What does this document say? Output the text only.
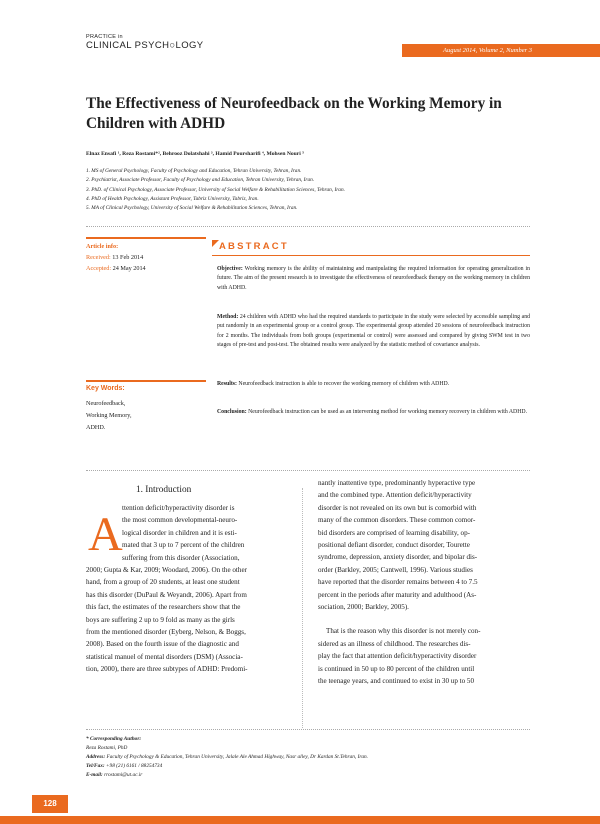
PRACTICE in
CLINICAL PSYCH○LOGY	August 2014, Volume 2, Number 3
The Effectiveness of Neurofeedback on the Working Memory in Children with ADHD
Elnaz Ensafi ¹, Reza Rostami*², Behrooz Dolatshahi ³, Hamid Poursharifi ⁴, Mohsen Nouri ⁵
1. MS of General Psychology, Faculty of Psychology and Education, Tehran University, Tehran, Iran.
2. Psychiatrist, Associate Professor, Faculty of Psychology and Education, Tehran University, Tehran, Iran.
3. PhD. of Clinical Psychology, Associate Professor, University of Social Welfare & Rehabilitation Sciences, Tehran, Iran.
4. PhD of Health Psychology, Assistant Professor, Tabriz University, Tabriz, Iran.
5. MA of Clinical Psychology, University of Social Welfare & Rehabilitation Sciences, Tehran, Iran.
Article info:
Received: 13 Feb 2014
Accepted: 24 May 2014
ABSTRACT
Objective: Working memory is the ability of maintaining and manipulating the required information for operating generalization in future. The aim of the present research is to investigate the effectiveness of neurofeedback therapy on the working memory in children with ADHD.
Method: 24 children with ADHD who had the required standards to participate in the study were selected by accessible sampling and put randomly in an experimental group or a control group. The experimental group attended 20 sessions of neurofeedback instruction for 2 months. The individuals from both groups (experimental or control) were assessed and compared by giving SWM test in two stages of pre-test and post-test. The obtained results were analyzed by the statistic method of covariance analysis.
Results: Neurofeedback instruction is able to recover the working memory of children with ADHD.
Conclusion: Neurofeedback instruction can be used as an intervening method for working memory recovery in children with ADHD.
Key Words:
Neurofeedback,
Working Memory,
ADHD.
1. Introduction
A ttention deficit/hyperactivity disorder is
the most common developmental-neuro-
logical disorder in children and it is esti-
mated that 3 up to 7 percent of the children
suffering from this disorder (Association,
2000; Gupta & Kar, 2009; Woodard, 2006). On the other
hand, from a group of 20 students, at least one student
has this disorder (DuPaul & Weyandt, 2006). Apart from
this fact, the estimates of the researchers show that the
boys are suffering 2 up to 9 fold as many as the girls
from the mentioned disorder (Eyberg, Nelson, & Boggs,
2008). Based on the fourth issue of the diagnostic and
statistical manuel of mental disorders (DSM) (Associa-
tion, 2000), there are three subtypes of ADHD: Predomi-
nantly inattentive type, predominantly hyperactive type
and the combined type. Attention deficit/hyperactivity
disorder is not revealed on its own but is comorbid with
many of the common disorders. These common comor-
bid disorders are comprised of learning disability, op-
positional defiant disorder, conduct disorder, Tourette
syndrome, depression, anxiety disorder, and bipolar dis-
order (Barkley, 2005; Cantwell, 1996). Various studies
have reported that the disorder remains between 4 to 7.5
percent in the periods after maturity and adulthood (As-
sociation, 2000; Barkley, 2005).
That is the reason why this disorder is not merely con-
sidered as an illness of childhood. The researches dis-
play the fact that attention deficit/hyperactivity disorder
is continued in 50 up to 80 percent of the children until
the teenage years, and continued to exist in 30 up to 50
* Corresponding Author:
Reza Rostami, PhD
Address: Faculty of Psychology & Education, Tehran University, Jalale Ale Ahmad Highway, Nasr alley, Dr Kardan St.Tehran, Iran.
Tel/Fax: +98 (21) 6161 / 88254734
E-mail: rrostami@ut.ac.ir
128
